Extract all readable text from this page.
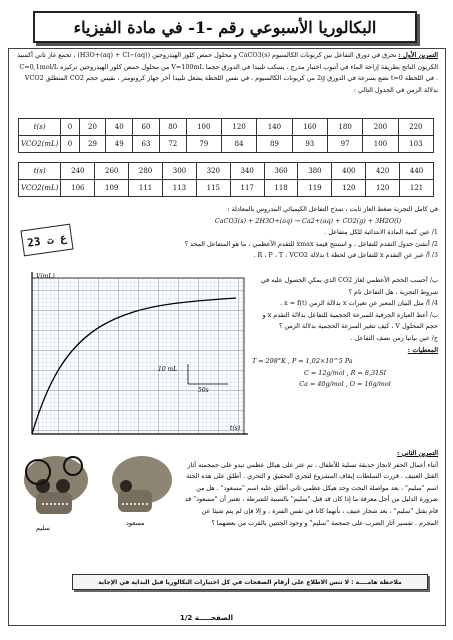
البكالوريا الأسبوعي رقم -1- في مادة الفيزياء
التمرين الأول : نحرق في دورق التفاعل بين كربونات الكالسيوم CaCO3(s) و محلول حمض كلور الهيدروجين (H3O+(aq) + Cl−(aq)) ، تجمع غاز ثاني أكسيد الكربون الناتج بطريقة إزاحة الماء في أنبوب اختبار مدرج ، يسكب تلبيدا في الدورق حجما V=100mL من محلول حمض كلور الهيدروجين تركيزه C=0,1mol/L . في اللحظة t=0 نضع بسرعة في الدورق 2g من كربونات الكالسيوم ، في نفس اللحظة يشغل تلبيدا آخر جهاز كرونومتر ، نقيس حجم CO2 المنطلق VCO2 بدلالة الزمن في الجدول التالي :
t(s)	0	20	40	60	80	100	120	140	160	180	200	220
VCO2(mL)	0	29	49	63	72	79	84	89	93	97	100	103
t(s)	240	260	280	300	320	340	360	380	400	420	440
VCO2(mL)	106	109	111	113	115	117	118	119	120	120	121
في كامل التجربة ضغط الغاز ثابت ، نمذج التفاعل الكيميائي المدروس بالمعادلة :
CaCO3(s) + 2H3O+(aq) → Ca2+(aq) + CO2(g) + 3H2O(l)
1/ عين كمية المادة الابتدائية للكل متفاعل .
2/ أنشئ جدول التقدم للتفاعل ، و استنتج قيمة xmax للتقدم الأعظمي ، ما هو المتفاعل المحد ؟
3/ أ/ عبر عن التقدم x للتفاعل في لحظة t بدلالة R ، P ، T ، VCO2 .
ب/ أحسب الحجم الأعظمي لغاز CO2 الذي يمكن الحصول عليه في شروط التجربة ، هل التفاعل تام ؟
4/ أ/ مثل البيان المعبر عن تغيرات x بدلالة الزمن x = f(t) .
ب/ أعط العبارة الحرفية للسرعة الحجمية للتفاعل بدلالة التقدم x و حجم المحلول V ، كيف تتغير السرعة الحجمية بدلالة الزمن ؟
ج/ عين بيانيا زمن نصف التفاعل .
المعطيات :
T = 298°K , P = 1,02×10^5 Pa
C = 12g/mol , R = 8,31SI
Ca = 40g/mol , O = 16g/mol
2ع ت 3
10 mL
50s
V(mL)
t(s)
التمرين الثاني :
أثناء أعمال الحفر لانجاز حديقة تسلية للأطفال ، تم عثر على هيكل عظمي تبدو على جمجمته آثار القتل العنيف . قررت السلطات إيقاف المشروع لتجري التحقيق و التحري . أطلق على هذه الجثة اسم "سليم" ، بعد مواصلة البحث وجد هيكل عظمي ثاني أطلق عليه اسم "مسعود" . هل من ضرورة الدليل من أجل معرفة ما إذا كان قد قتل "سليم" بالنسبة للشرطة ، تعتبر أن "مسعود" قد قام بقتل "سليم" ، بعد شجار عنيف ، بأنهما كانا في نفس الفترة ، و إلا فإن لم يتم شيئا عن المجرم . تفسير آثار الضرب على جمجمة "سليم" و وجود الجثتين بالقرب من بعضهما ؟
سليم
مسعود
ملاحظة هامــــة : لا تنس الاطلاع على أرقام الصفحات في كل اختبارات البكالوريا قبل البداية في الإجابة
الصفحـــــة 1/2
